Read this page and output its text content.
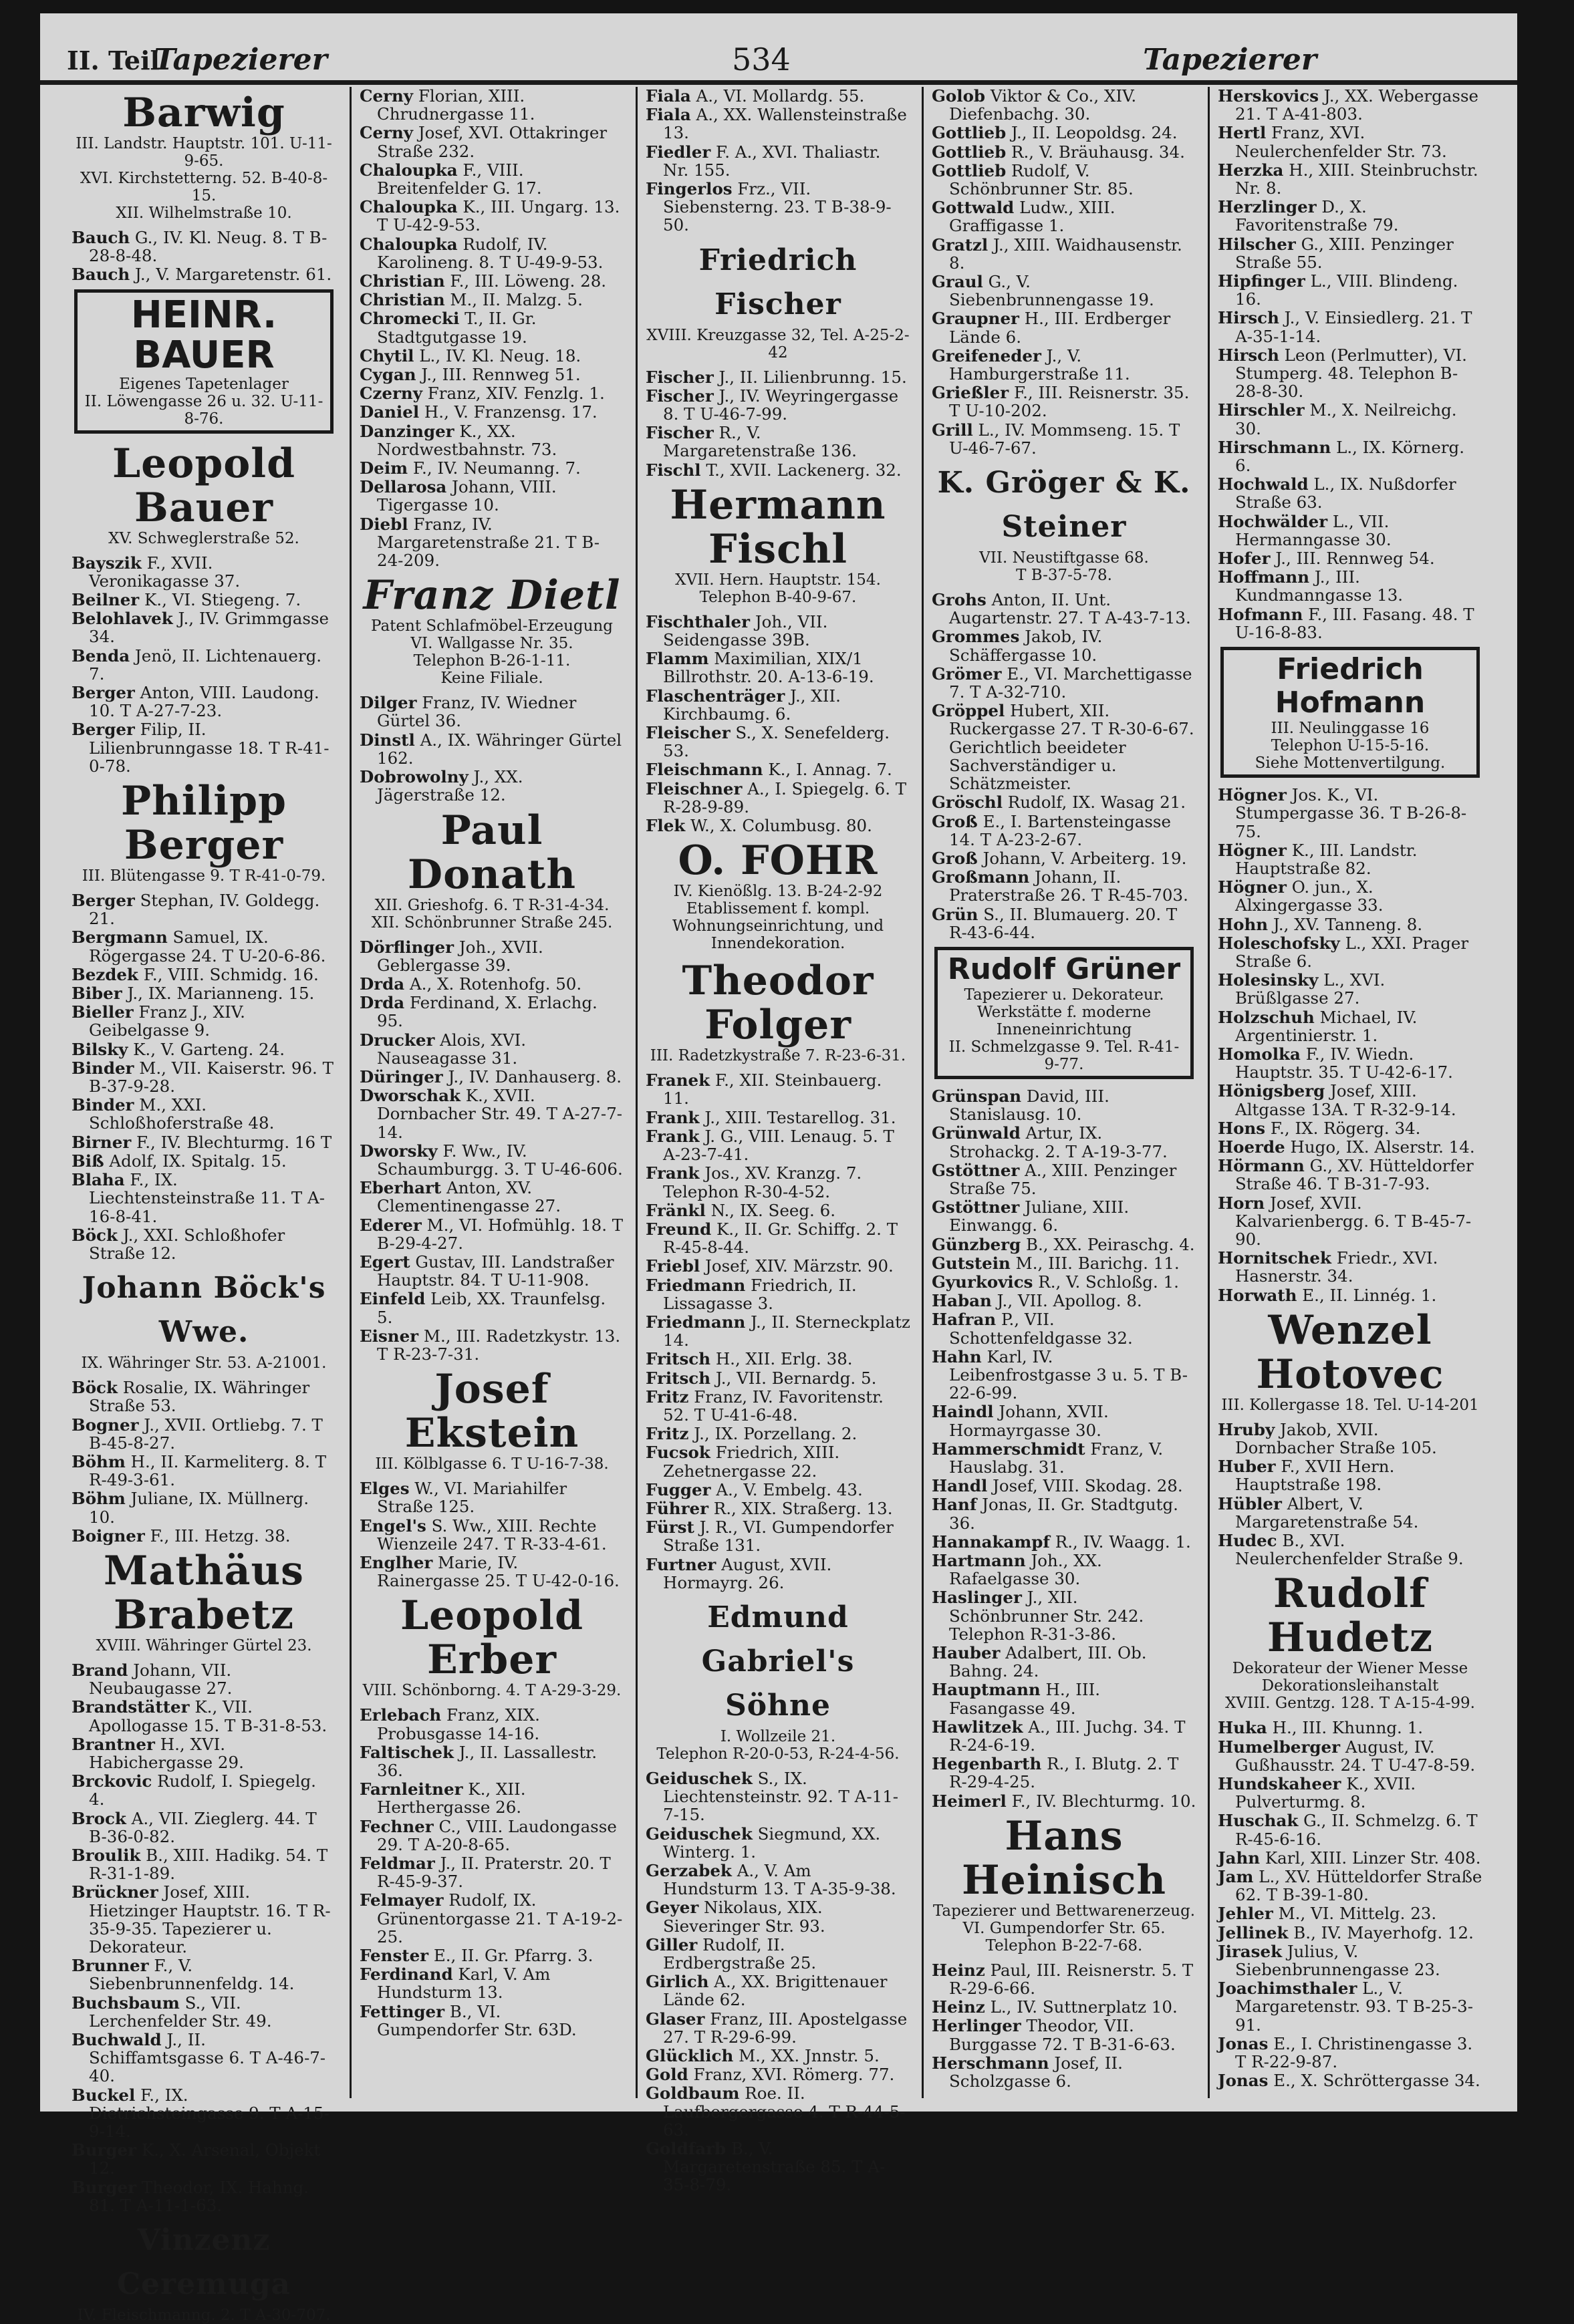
II. Teil
Tapezierer	534	Tapezierer
Barwig
III. Landstr. Hauptstr. 101. U-11-9-65.
XVI. Kirchstetterng. 52. B-40-8-15.
XII. Wilhelmstraße 10.
Bauch G., IV. Kl. Neug. 8. T B-28-8-48.
Bauch J., V. Margaretenstr. 61.
HEINR. BAUER
Eigenes Tapetenlager
II. Löwengasse 26 u. 32. U-11-8-76.
Leopold Bauer
XV. Schweglerstraße 52.
Bayszik F., XVII. Veronikagasse 37.
Beilner K., VI. Stiegeng. 7.
Belohlavek J., IV. Grimmgasse 34.
Benda Jenö, II. Lichtenauerg. 7.
Berger Anton, VIII. Laudong. 10. T A-27-7-23.
Berger Filip, II. Lilienbrunngasse 18. T R-41-0-78.
Philipp Berger
III. Blütengasse 9. T R-41-0-79.
Berger Stephan, IV. Goldegg. 21.
Bergmann Samuel, IX. Rögergasse 24. T U-20-6-86.
Bezdek F., VIII. Schmidg. 16.
Biber J., IX. Marianneng. 15.
Bieller Franz J., XIV. Geibelgasse 9.
Bilsky K., V. Garteng. 24.
Binder M., VII. Kaiserstr. 96. T B-37-9-28.
Binder M., XXI. Schloßhoferstraße 48.
Birner F., IV. Blechturmg. 16 T
Biß Adolf, IX. Spitalg. 15.
Blaha F., IX. Liechtensteinstraße 11. T A-16-8-41.
Böck J., XXI. Schloßhofer Straße 12.
Johann Böck's Wwe.
IX. Währinger Str. 53. A-21001.
Böck Rosalie, IX. Währinger Straße 53.
Bogner J., XVII. Ortliebg. 7. T B-45-8-27.
Böhm H., II. Karmeliterg. 8. T R-49-3-61.
Böhm Juliane, IX. Müllnerg. 10.
Boigner F., III. Hetzg. 38.
Mathäus Brabetz
XVIII. Währinger Gürtel 23.
Brand Johann, VII. Neubaugasse 27.
Brandstätter K., VII. Apollogasse 15. T B-31-8-53.
Brantner H., XVI. Habichergasse 29.
Brckovic Rudolf, I. Spiegelg. 4.
Brock A., VII. Zieglerg. 44. T B-36-0-82.
Broulik B., XIII. Hadikg. 54. T R-31-1-89.
Brückner Josef, XIII. Hietzinger Hauptstr. 16. T R-35-9-35. Tapezierer u. Dekorateur.
Brunner F., V. Siebenbrunnenfeldg. 14.
Buchsbaum S., VII. Lerchenfelder Str. 49.
Buchwald J., II. Schiffamtsgasse 6. T A-46-7-40.
Buckel F., IX. Dietrichsteingasse 9. T A-15-9-14.
Burger K., X. Arsenal, Objekt 12.
Burger Theodor, IX. Hahng. 81. T A-11-1-63.
Vinzenz Ceremuga
IV. Fleischmanng. 2. T A-30-707.
Cerny Florian, XIII. Chrudnergasse 11.
Cerny Josef, XVI. Ottakringer Straße 232.
Chaloupka F., VIII. Breitenfelder G. 17.
Chaloupka K., III. Ungarg. 13. T U-42-9-53.
Chaloupka Rudolf, IV. Karolineng. 8. T U-49-9-53.
Christian F., III. Löweng. 28.
Christian M., II. Malzg. 5.
Chromecki T., II. Gr. Stadtgutgasse 19.
Chytil L., IV. Kl. Neug. 18.
Cygan J., III. Rennweg 51.
Czerny Franz, XIV. Fenzlg. 1.
Daniel H., V. Franzensg. 17.
Danzinger K., XX. Nordwestbahnstr. 73.
Deim F., IV. Neumanng. 7.
Dellarosa Johann, VIII. Tigergasse 10.
Diebl Franz, IV. Margaretenstraße 21. T B-24-209.
Franz Dietl
Patent Schlafmöbel-Erzeugung
VI. Wallgasse Nr. 35.
Telephon B-26-1-11.
Keine Filiale.
Dilger Franz, IV. Wiedner Gürtel 36.
Dinstl A., IX. Währinger Gürtel 162.
Dobrowolny J., XX. Jägerstraße 12.
Paul Donath
XII. Grieshofg. 6. T R-31-4-34.
XII. Schönbrunner Straße 245.
Dörflinger Joh., XVII. Geblergasse 39.
Drda A., X. Rotenhofg. 50.
Drda Ferdinand, X. Erlachg. 95.
Drucker Alois, XVI. Nauseagasse 31.
Düringer J., IV. Danhauserg. 8.
Dworschak K., XVII. Dornbacher Str. 49. T A-27-7-14.
Dworsky F. Ww., IV. Schaumburgg. 3. T U-46-606.
Eberhart Anton, XV. Clementinengasse 27.
Ederer M., VI. Hofmühlg. 18. T B-29-4-27.
Egert Gustav, III. Landstraßer Hauptstr. 84. T U-11-908.
Einfeld Leib, XX. Traunfelsg. 5.
Eisner M., III. Radetzkystr. 13. T R-23-7-31.
Josef Ekstein
III. Kölblgasse 6. T U-16-7-38.
Elges W., VI. Mariahilfer Straße 125.
Engel's S. Ww., XIII. Rechte Wienzeile 247. T R-33-4-61.
Englher Marie, IV. Rainergasse 25. T U-42-0-16.
Leopold Erber
VIII. Schönborng. 4. T A-29-3-29.
Erlebach Franz, XIX. Probusgasse 14-16.
Faltischek J., II. Lassallestr. 36.
Farnleitner K., XII. Herthergasse 26.
Fechner C., VIII. Laudongasse 29. T A-20-8-65.
Feldmar J., II. Praterstr. 20. T R-45-9-37.
Felmayer Rudolf, IX. Grünentorgasse 21. T A-19-2-25.
Fenster E., II. Gr. Pfarrg. 3.
Ferdinand Karl, V. Am Hundsturm 13.
Fettinger B., VI. Gumpendorfer Str. 63D.
Fiala A., VI. Mollardg. 55.
Fiala A., XX. Wallensteinstraße 13.
Fiedler F. A., XVI. Thaliastr. Nr. 155.
Fingerlos Frz., VII. Siebensterng. 23. T B-38-9-50.
Friedrich Fischer
XVIII. Kreuzgasse 32, Tel. A-25-2-42
Fischer J., II. Lilienbrunng. 15.
Fischer J., IV. Weyringergasse 8. T U-46-7-99.
Fischer R., V. Margaretenstraße 136.
Fischl T., XVII. Lackenerg. 32.
Hermann Fischl
XVII. Hern. Hauptstr. 154.
Telephon B-40-9-67.
Fischthaler Joh., VII. Seidengasse 39B.
Flamm Maximilian, XIX/1 Billrothstr. 20. A-13-6-19.
Flaschenträger J., XII. Kirchbaumg. 6.
Fleischer S., X. Senefelderg. 53.
Fleischmann K., I. Annag. 7.
Fleischner A., I. Spiegelg. 6. T R-28-9-89.
Flek W., X. Columbusg. 80.
O. FOHR
IV. Kienößlg. 13. B-24-2-92
Etablissement f. kompl. Wohnungseinrichtung, und Innendekoration.
Theodor Folger
III. Radetzkystraße 7. R-23-6-31.
Franek F., XII. Steinbauerg. 11.
Frank J., XIII. Testarellog. 31.
Frank J. G., VIII. Lenaug. 5. T A-23-7-41.
Frank Jos., XV. Kranzg. 7. Telephon R-30-4-52.
Fränkl N., IX. Seeg. 6.
Freund K., II. Gr. Schiffg. 2. T R-45-8-44.
Friebl Josef, XIV. Märzstr. 90.
Friedmann Friedrich, II. Lissagasse 3.
Friedmann J., II. Sterneckplatz 14.
Fritsch H., XII. Erlg. 38.
Fritsch J., VII. Bernardg. 5.
Fritz Franz, IV. Favoritenstr. 52. T U-41-6-48.
Fritz J., IX. Porzellang. 2.
Fucsok Friedrich, XIII. Zehetnergasse 22.
Fugger A., V. Embelg. 43.
Führer R., XIX. Straßerg. 13.
Fürst J. R., VI. Gumpendorfer Straße 131.
Furtner August, XVII. Hormayrg. 26.
Edmund Gabriel's Söhne
I. Wollzeile 21.
Telephon R-20-0-53, R-24-4-56.
Geiduschek S., IX. Liechtensteinstr. 92. T A-11-7-15.
Geiduschek Siegmund, XX. Winterg. 1.
Gerzabek A., V. Am Hundsturm 13. T A-35-9-38.
Geyer Nikolaus, XIX. Sieveringer Str. 93.
Giller Rudolf, II. Erdbergstraße 25.
Girlich A., XX. Brigittenauer Lände 62.
Glaser Franz, III. Apostelgasse 27. T R-29-6-99.
Glücklich M., XX. Jnnstr. 5.
Gold Franz, XVI. Römerg. 77.
Goldbaum Roe. II. Laufbergergasse 4. T R-44-5-63.
Goldfarb B., V. Margaretenstraße 85. T A-35-8-79.
Golob Viktor & Co., XIV. Diefenbachg. 30.
Gottlieb J., II. Leopoldsg. 24.
Gottlieb R., V. Bräuhausg. 34.
Gottlieb Rudolf, V. Schönbrunner Str. 85.
Gottwald Ludw., XIII. Graffigasse 1.
Gratzl J., XIII. Waidhausenstr. 8.
Graul G., V. Siebenbrunnengasse 19.
Graupner H., III. Erdberger Lände 6.
Greifeneder J., V. Hamburgerstraße 11.
Grießler F., III. Reisnerstr. 35. T U-10-202.
Grill L., IV. Mommseng. 15. T U-46-7-67.
K. Gröger & K. Steiner
VII. Neustiftgasse 68.
T B-37-5-78.
Grohs Anton, II. Unt. Augartenstr. 27. T A-43-7-13.
Grommes Jakob, IV. Schäffergasse 10.
Grömer E., VI. Marchettigasse 7. T A-32-710.
Gröppel Hubert, XII. Ruckergasse 27. T R-30-6-67. Gerichtlich beeideter Sachverständiger u. Schätzmeister.
Gröschl Rudolf, IX. Wasag 21.
Groß E., I. Bartensteingasse 14. T A-23-2-67.
Groß Johann, V. Arbeiterg. 19.
Großmann Johann, II. Praterstraße 26. T R-45-703.
Grün S., II. Blumauerg. 20. T R-43-6-44.
Rudolf Grüner
Tapezierer u. Dekorateur. Werkstätte f. moderne Inneneinrichtung
II. Schmelzgasse 9. Tel. R-41-9-77.
Grünspan David, III. Stanislausg. 10.
Grünwald Artur, IX. Strohackg. 2. T A-19-3-77.
Gstöttner A., XIII. Penzinger Straße 75.
Gstöttner Juliane, XIII. Einwangg. 6.
Günzberg B., XX. Peiraschg. 4.
Gutstein M., III. Barichg. 11.
Gyurkovics R., V. Schloßg. 1.
Haban J., VII. Apollog. 8.
Hafran P., VII. Schottenfeldgasse 32.
Hahn Karl, IV. Leibenfrostgasse 3 u. 5. T B-22-6-99.
Haindl Johann, XVII. Hormayrgasse 30.
Hammerschmidt Franz, V. Hauslabg. 31.
Handl Josef, VIII. Skodag. 28.
Hanf Jonas, II. Gr. Stadtgutg. 36.
Hannakampf R., IV. Waagg. 1.
Hartmann Joh., XX. Rafaelgasse 30.
Haslinger J., XII. Schönbrunner Str. 242. Telephon R-31-3-86.
Hauber Adalbert, III. Ob. Bahng. 24.
Hauptmann H., III. Fasangasse 49.
Hawlitzek A., III. Juchg. 34. T R-24-6-19.
Hegenbarth R., I. Blutg. 2. T R-29-4-25.
Heimerl F., IV. Blechturmg. 10.
Hans Heinisch
Tapezierer und Bettwarenerzeug.
VI. Gumpendorfer Str. 65.
Telephon B-22-7-68.
Heinz Paul, III. Reisnerstr. 5. T R-29-6-66.
Heinz L., IV. Suttnerplatz 10.
Herlinger Theodor, VII. Burggasse 72. T B-31-6-63.
Herschmann Josef, II. Scholzgasse 6.
Herskovics J., XX. Webergasse 21. T A-41-803.
Hertl Franz, XVI. Neulerchenfelder Str. 73.
Herzka H., XIII. Steinbruchstr. Nr. 8.
Herzlinger D., X. Favoritenstraße 79.
Hilscher G., XIII. Penzinger Straße 55.
Hipfinger L., VIII. Blindeng. 16.
Hirsch J., V. Einsiedlerg. 21. T A-35-1-14.
Hirsch Leon (Perlmutter), VI. Stumperg. 48. Telephon B-28-8-30.
Hirschler M., X. Neilreichg. 30.
Hirschmann L., IX. Körnerg. 6.
Hochwald L., IX. Nußdorfer Straße 63.
Hochwälder L., VII. Hermanngasse 30.
Hofer J., III. Rennweg 54.
Hoffmann J., III. Kundmanngasse 13.
Hofmann F., III. Fasang. 48. T U-16-8-83.
Friedrich Hofmann
III. Neulinggasse 16
Telephon U-15-5-16.
Siehe Mottenvertilgung.
Högner Jos. K., VI. Stumpergasse 36. T B-26-8-75.
Högner K., III. Landstr. Hauptstraße 82.
Högner O. jun., X. Alxingergasse 33.
Hohn J., XV. Tanneng. 8.
Holeschofsky L., XXI. Prager Straße 6.
Holesinsky L., XVI. Brüßlgasse 27.
Holzschuh Michael, IV. Argentinierstr. 1.
Homolka F., IV. Wiedn. Hauptstr. 35. T U-42-6-17.
Hönigsberg Josef, XIII. Altgasse 13A. T R-32-9-14.
Hons F., IX. Rögerg. 34.
Hoerde Hugo, IX. Alserstr. 14.
Hörmann G., XV. Hütteldorfer Straße 46. T B-31-7-93.
Horn Josef, XVII. Kalvarienbergg. 6. T B-45-7-90.
Hornitschek Friedr., XVI. Hasnerstr. 34.
Horwath E., II. Linnég. 1.
Wenzel Hotovec
III. Kollergasse 18. Tel. U-14-201
Hruby Jakob, XVII. Dornbacher Straße 105.
Huber F., XVII Hern. Hauptstraße 198.
Hübler Albert, V. Margaretenstraße 54.
Hudec B., XVI. Neulerchenfelder Straße 9.
Rudolf Hudetz
Dekorateur der Wiener Messe Dekorationsleihanstalt
XVIII. Gentzg. 128. T A-15-4-99.
Huka H., III. Khunng. 1.
Humelberger August, IV. Gußhausstr. 24. T U-47-8-59.
Hundskaheer K., XVII. Pulverturmg. 8.
Huschak G., II. Schmelzg. 6. T R-45-6-16.
Jahn Karl, XIII. Linzer Str. 408.
Jam L., XV. Hütteldorfer Straße 62. T B-39-1-80.
Jehler M., VI. Mittelg. 23.
Jellinek B., IV. Mayerhofg. 12.
Jirasek Julius, V. Siebenbrunnengasse 23.
Joachimsthaler L., V. Margaretenstr. 93. T B-25-3-91.
Jonas E., I. Christinengasse 3. T R-22-9-87.
Jonas E., X. Schröttergasse 34.
